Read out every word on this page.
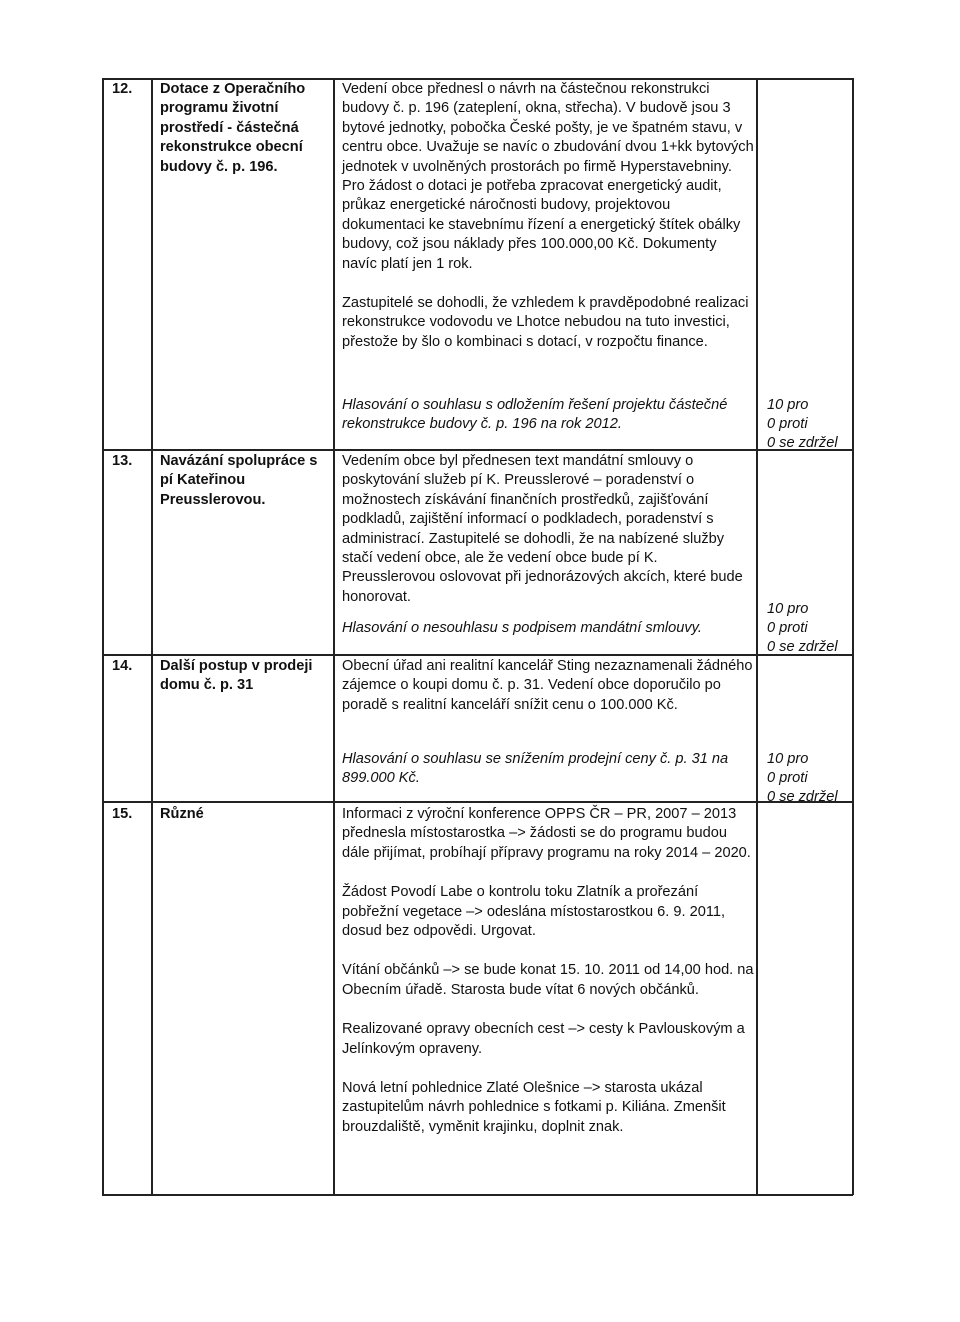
12. Dotace z Operačního programu životní prostředí - částečná rekonstrukce obecní budovy č. p. 196.

Vedení obce přednesl o návrh na částečnou rekonstrukci budovy č. p. 196 (zateplení, okna, střecha). V budově jsou 3 bytové jednotky, pobočka České pošty, je ve špatném stavu, v centru obce. Uvažuje se navíc o zbudování dvou 1+kk bytových jednotek v uvolněných prostorách po firmě Hyperstavebniny. Pro žádost o dotaci je potřeba zpracovat energetický audit, průkaz energetické náročnosti budovy, projektovou dokumentaci ke stavebnímu řízení a energetický štítek obálky budovy, což jsou náklady přes 100.000,00 Kč. Dokumenty navíc platí jen 1 rok.

Zastupitelé se dohodli, že vzhledem k pravděpodobné realizaci rekonstrukce vodovodu ve Lhotce nebudou na tuto investici, přestože by šlo o kombinaci s dotací, v rozpočtu finance.

Hlasování o souhlasu s odložením řešení projektu částečné rekonstrukce budovy č. p. 196 na rok 2012.
10 pro
0 proti
0 se zdržel
13. Navázání spolupráce s pí Kateřinou Preusslerovou.

Vedením obce byl přednesen text mandátní smlouvy o poskytování služeb pí K. Preusslerové – poradenství o možnostech získávání finančních prostředků, zajišťování podkladů, zajištění informací o podkladech, poradenství s administrací. Zastupitelé se dohodli, že na nabízené služby stačí vedení obce, ale že vedení obce bude pí K. Preusslerovou oslovovat při jednorázových akcích, které bude honorovat.

Hlasování o nesouhlasu s podpisem mandátní smlouvy.
10 pro
0 proti
0 se zdržel
14. Další postup v prodeji domu č. p. 31

Obecní úřad ani realitní kancelář Sting nezaznamenali žádného zájemce o koupi domu č. p. 31. Vedení obce doporučilo po poradě s realitní kanceláří snížit cenu o 100.000 Kč.

Hlasování o souhlasu se snížením prodejní ceny č. p. 31 na 899.000 Kč.
10 pro
0 proti
0 se zdržel
15. Různé	Informaci z výroční konference OPPS ČR – PR, 2007 – 2013 přednesla místostarostka –> žádosti se do programu budou dále přijímat, probíhají přípravy programu na roky 2014 – 2020.

Žádost Povodí Labe o kontrolu toku Zlatník a prořezání pobřežní vegetace –> odeslána místostarostkou 6. 9. 2011, dosud bez odpovědi. Urgovat.

Vítání občánků –> se bude konat 15. 10. 2011 od 14,00 hod. na Obecním úřadě. Starosta bude vítat 6 nových občánků.

Realizované opravy obecních cest –> cesty k Pavlouskovým a Jelínkovým opraveny.

Nová letní pohlednice Zlaté Olešnice –> starosta ukázal zastupitelům návrh pohlednice s fotkami p. Kiliána. Zmenšit brouzdaliště, vyměnit krajinku, doplnit znak.
